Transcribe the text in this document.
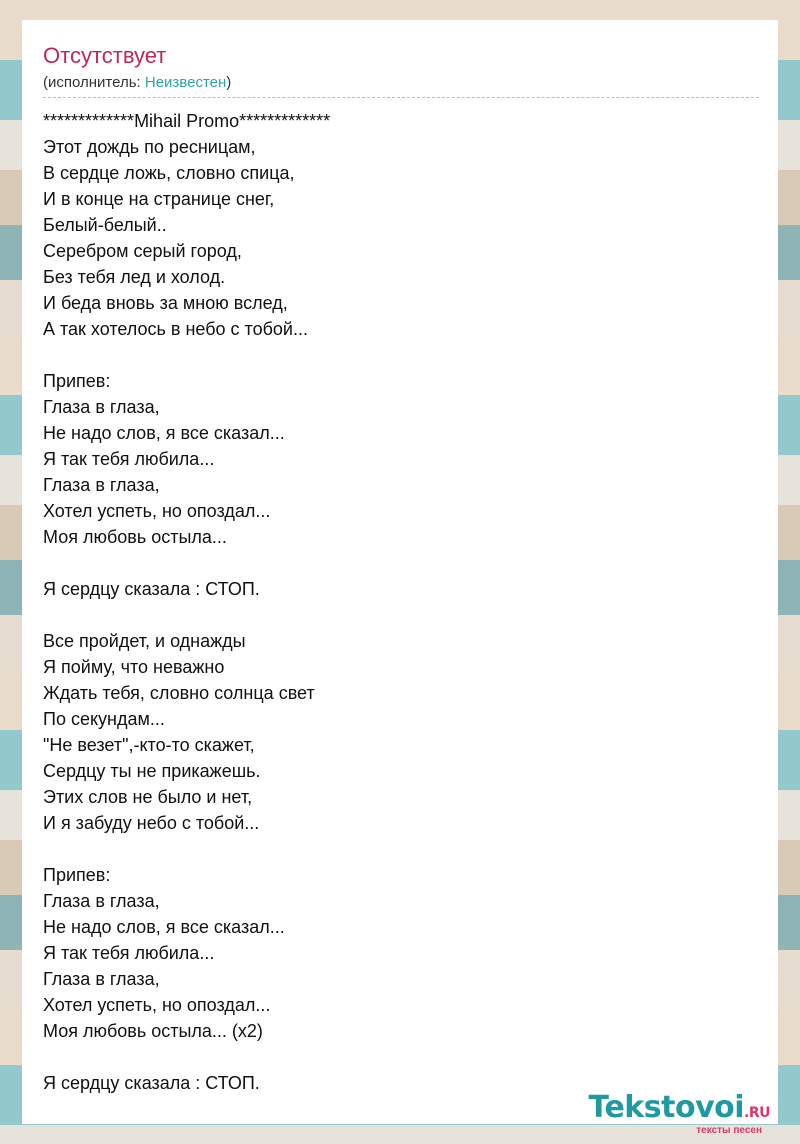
Отсутствует
(исполнитель: Неизвестен)
*************Mihail Promo*************
Этот дождь по ресницам,
В сердце ложь, словно спица,
И в конце на странице снег,
Белый-белый..
Серебром серый город,
Без тебя лед и холод.
И беда вновь за мною вслед,
А так хотелось в небо с тобой...
Припев:
Глаза в глаза,
Не надо слов, я все сказал...
Я так тебя любила...
Глаза в глаза,
Хотел успеть, но опоздал...
Моя любовь остыла...
Я сердцу сказала : СТОП.
Все пройдет, и однажды
Я пойму, что неважно
Ждать тебя, словно солнца свет
По секундам...
"Не везет",-кто-то скажет,
Сердцу ты не прикажешь.
Этих слов не было и нет,
И я забуду небо с тобой...
Припев:
Глаза в глаза,
Не надо слов, я все сказал...
Я так тебя любила...
Глаза в глаза,
Хотел успеть, но опоздал...
Моя любовь остыла... (х2)
Я сердцу сказала : СТОП.
Tekstovoi.RU
тексты песен
